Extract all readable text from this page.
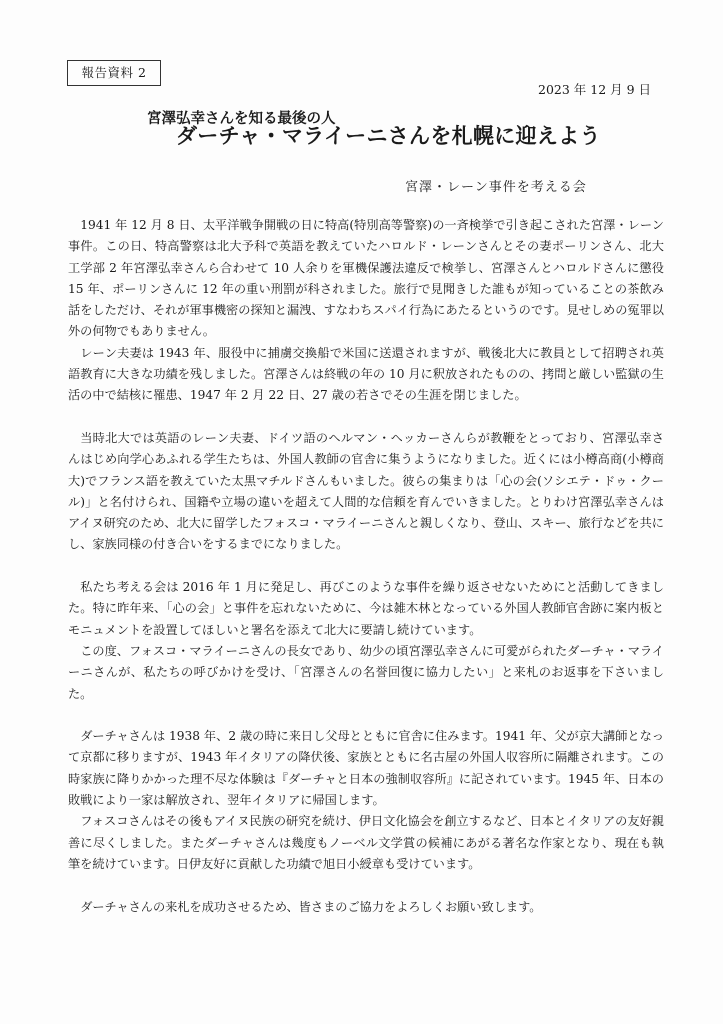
報告資料 2
2023 年 12 月 9 日
宮澤弘幸さんを知る最後の人
ダーチャ・マライーニさんを札幌に迎えよう
宮澤・レーン事件を考える会

1941 年 12 月 8 日、太平洋戦争開戦の日に特高(特別高等警察)の一斉検挙で引き起こされた宮澤・レーン事件。この日、特高警察は北大予科で英語を教えていたハロルド・レーンさんとその妻ポーリンさん、北大工学部 2 年宮澤弘幸さんら合わせて 10 人余りを軍機保護法違反で検挙し、宮澤さんとハロルドさんに懲役 15 年、ポーリンさんに 12 年の重い刑罰が科されました。旅行で見聞きした誰もが知っていることの茶飲み話をしただけ、それが軍事機密の探知と漏洩、すなわちスパイ行為にあたるというのです。見せしめの冤罪以外の何物でもありません。

レーン夫妻は 1943 年、服役中に捕虜交換船で米国に送還されますが、戦後北大に教員として招聘され英語教育に大きな功績を残しました。宮澤さんは終戦の年の 10 月に釈放されたものの、拷問と厳しい監獄の生活の中で結核に罹患、1947 年 2 月 22 日、27 歳の若さでその生涯を閉じました。

当時北大では英語のレーン夫妻、ドイツ語のヘルマン・ヘッカーさんらが教鞭をとっており、宮澤弘幸さんはじめ向学心あふれる学生たちは、外国人教師の官舎に集うようになりました。近くには小樽高商(小樽商大)でフランス語を教えていた太黒マチルドさんもいました。彼らの集まりは「心の会(ソシエテ・ドゥ・クール)」と名付けられ、国籍や立場の違いを超えて人間的な信頼を育んでいきました。とりわけ宮澤弘幸さんはアイヌ研究のため、北大に留学したフォスコ・マライーニさんと親しくなり、登山、スキー、旅行などを共にし、家族同様の付き合いをするまでになりました。

私たち考える会は 2016 年 1 月に発足し、再びこのような事件を繰り返させないためにと活動してきました。特に昨年来、「心の会」と事件を忘れないために、今は雑木林となっている外国人教師官舎跡に案内板とモニュメントを設置してほしいと署名を添えて北大に要請し続けています。

この度、フォスコ・マライーニさんの長女であり、幼少の頃宮澤弘幸さんに可愛がられたダーチャ・マライーニさんが、私たちの呼びかけを受け、「宮澤さんの名誉回復に協力したい」と来札のお返事を下さいました。

ダーチャさんは 1938 年、2 歳の時に来日し父母とともに官舎に住みます。1941 年、父が京大講師となって京都に移りますが、1943 年イタリアの降伏後、家族とともに名古屋の外国人収容所に隔離されます。この時家族に降りかかった理不尽な体験は『ダーチャと日本の強制収容所』に記されています。1945 年、日本の敗戦により一家は解放され、翌年イタリアに帰国します。

フォスコさんはその後もアイヌ民族の研究を続け、伊日文化協会を創立するなど、日本とイタリアの友好親善に尽くしました。またダーチャさんは幾度もノーベル文学賞の候補にあがる著名な作家となり、現在も執筆を続けています。日伊友好に貢献した功績で旭日小綬章も受けています。

ダーチャさんの来札を成功させるため、皆さまのご協力をよろしくお願い致します。
